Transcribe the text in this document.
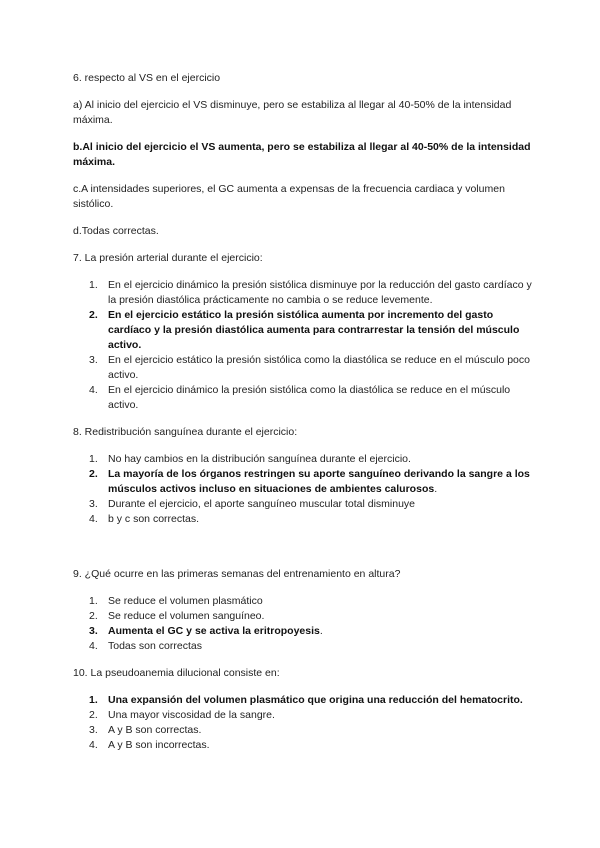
6. respecto al VS en el ejercicio

a) Al inicio del ejercicio el VS disminuye, pero se estabiliza al llegar al 40-50% de la intensidad máxima.

b.Al inicio del ejercicio el VS aumenta, pero se estabiliza al llegar al 40-50% de la intensidad máxima.

c.A intensidades superiores, el GC aumenta a expensas de la frecuencia cardiaca y volumen sistólico.

d.Todas correctas.

7. La presión arterial durante el ejercicio:

1. En el ejercicio dinámico la presión sistólica disminuye por la reducción del gasto cardíaco y la presión diastólica prácticamente no cambia o se reduce levemente.
2. En el ejercicio estático la presión sistólica aumenta por incremento del gasto cardíaco y la presión diastólica aumenta para contrarrestar la tensión del músculo activo.
3. En el ejercicio estático la presión sistólica como la diastólica se reduce en el músculo poco activo.
4. En el ejercicio dinámico la presión sistólica como la diastólica se reduce en el músculo activo.

8. Redistribución sanguínea durante el ejercicio:

1. No hay cambios en la distribución sanguínea durante el ejercicio.
2. La mayoría de los órganos restringen su aporte sanguíneo derivando la sangre a los músculos activos incluso en situaciones de ambientes calurosos.
3. Durante el ejercicio, el aporte sanguíneo muscular total disminuye
4. b y c son correctas.

9. ¿Qué ocurre en las primeras semanas del entrenamiento en altura?

1. Se reduce el volumen plasmático
2. Se reduce el volumen sanguíneo.
3. Aumenta el GC y se activa la eritropoyesis.
4. Todas son correctas

10. La pseudoanemia dilucional consiste en:

1. Una expansión del volumen plasmático que origina una reducción del hematocrito.
2. Una mayor viscosidad de la sangre.
3. A y B son correctas.
4. A y B son incorrectas.
